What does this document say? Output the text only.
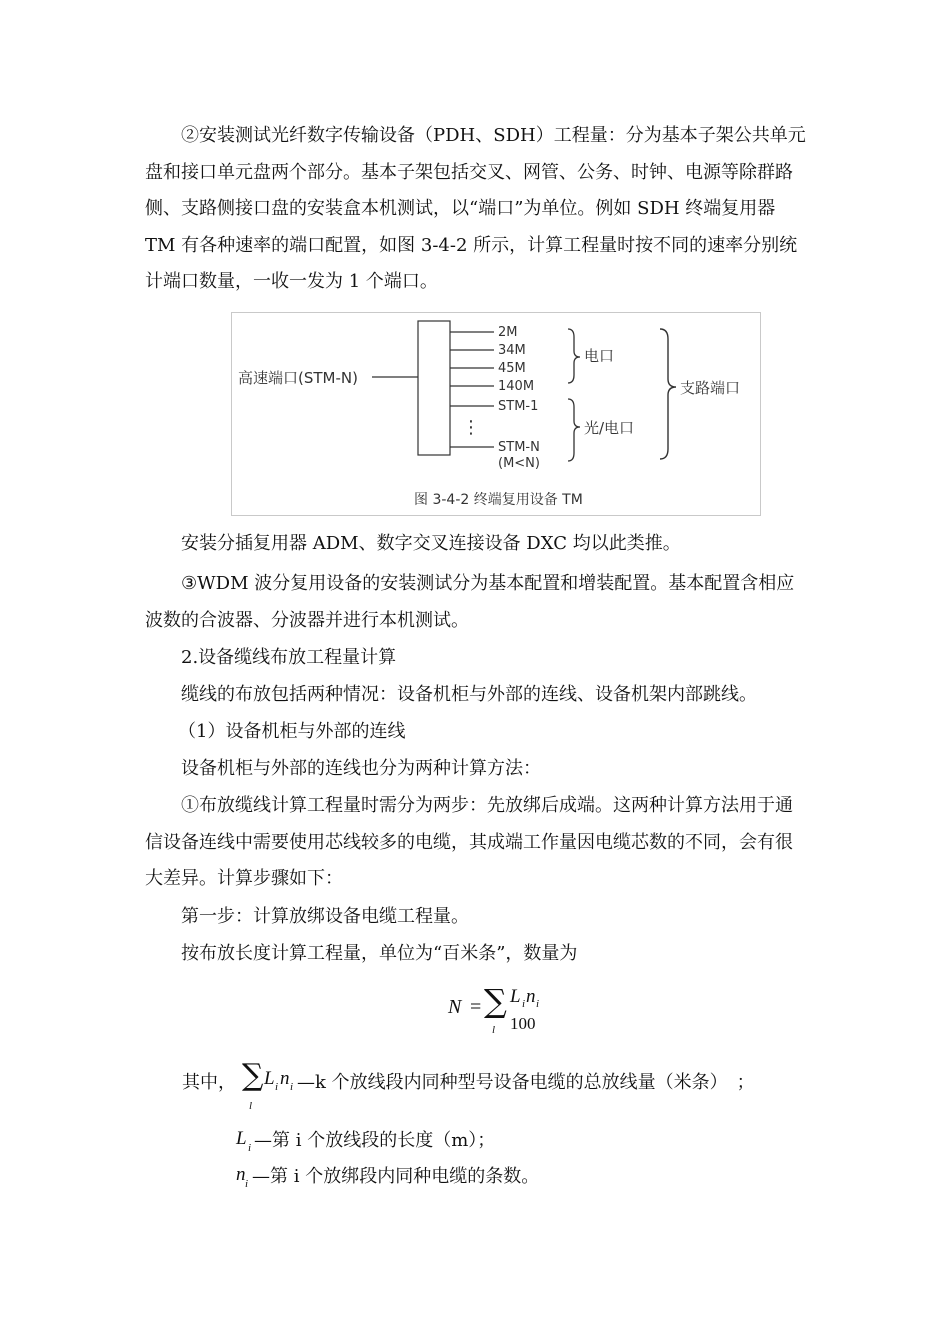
②安装测试光纤数字传输设备（PDH、SDH）工程量：分为基本子架公共单元盘和接口单元盘两个部分。基本子架包括交叉、网管、公务、时钟、电源等除群路侧、支路侧接口盘的安装盒本机测试，以“端口”为单位。例如 SDH 终端复用器 TM 有各种速率的端口配置，如图 3-4-2 所示，计算工程量时按不同的速率分别统计端口数量，一收一发为 1 个端口。

高速端口(STM-N)
2M
34M
45M
140M
STM-1
⋮
STM-N
(M<N)
电口
光/电口
支路端口
图 3-4-2 终端复用设备 TM

安装分插复用器 ADM、数字交叉连接设备 DXC 均以此类推。

③WDM 波分复用设备的安装测试分为基本配置和增装配置。基本配置含相应波数的合波器、分波器并进行本机测试。

2.设备缆线布放工程量计算

缆线的布放包括两种情况：设备机柜与外部的连线、设备机架内部跳线。

（1）设备机柜与外部的连线

设备机柜与外部的连线也分为两种计算方法：

①布放缆线计算工程量时需分为两步：先放绑后成端。这两种计算方法用于通信设备连线中需要使用芯线较多的电缆，其成端工作量因电缆芯数的不同，会有很大差异。计算步骤如下：

第一步：计算放绑设备电缆工程量。

按布放长度计算工程量，单位为“百米条”，数量为

N = ∑
l
L i n i
100
其中， ∑
l
L i n i —k 个放线段内同种型号设备电缆的总放线量（米条）　；
L i —第 i 个放线段的长度（m）；
n i —第 i 个放绑段内同种电缆的条数。
